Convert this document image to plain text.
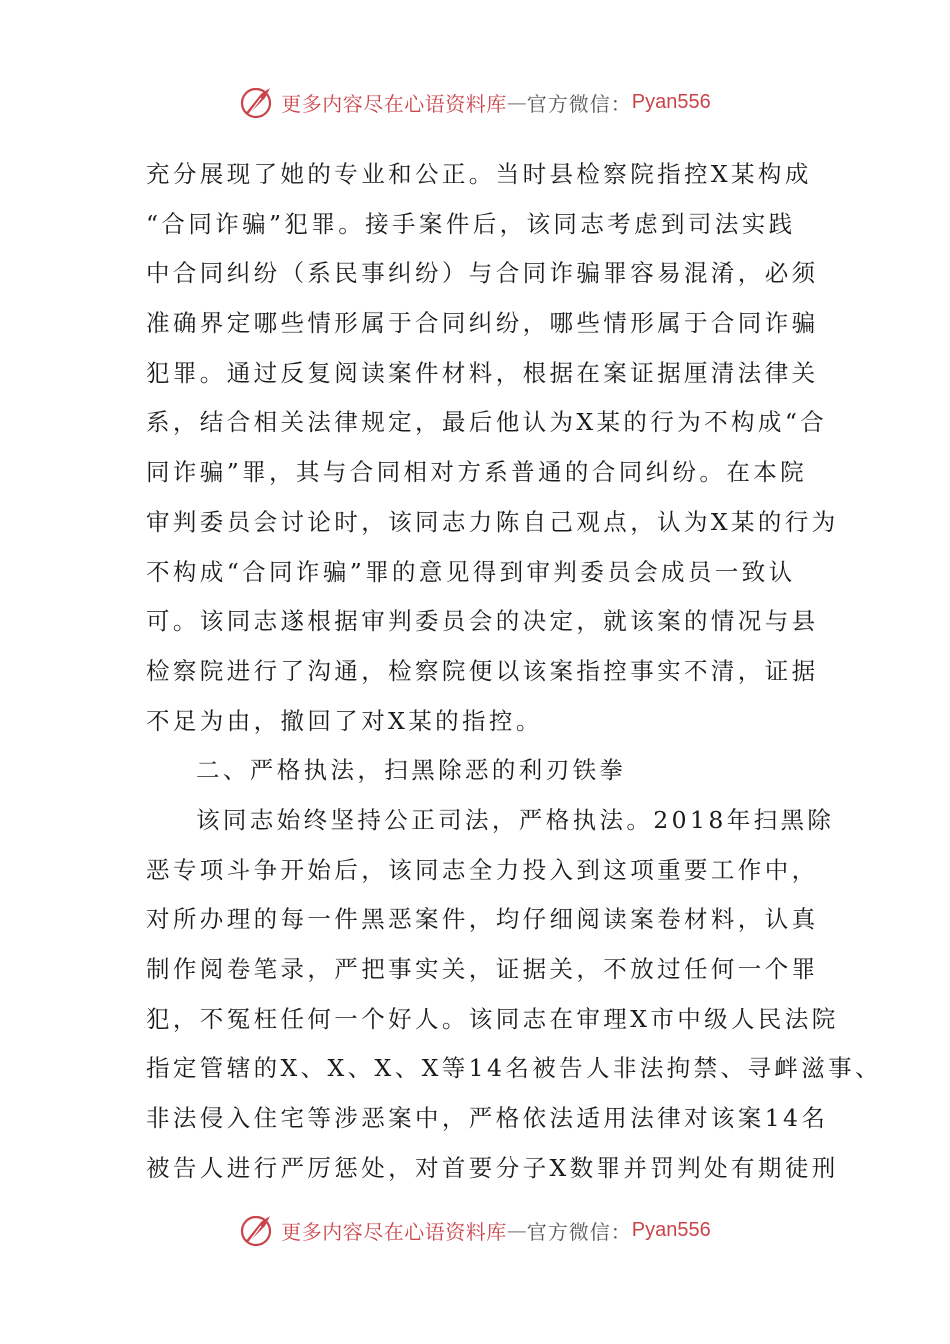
更多内容尽在心语资料库 — 官方微信： Pyan556
充分展现了她的专业和公正。当时县检察院指控X某构成
“合同诈骗”犯罪。接手案件后，该同志考虑到司法实践
中合同纠纷（系民事纠纷）与合同诈骗罪容易混淆，必须
准确界定哪些情形属于合同纠纷，哪些情形属于合同诈骗
犯罪。通过反复阅读案件材料，根据在案证据厘清法律关
系，结合相关法律规定，最后他认为X某的行为不构成“合
同诈骗”罪，其与合同相对方系普通的合同纠纷。在本院
审判委员会讨论时，该同志力陈自己观点，认为X某的行为
不构成“合同诈骗”罪的意见得到审判委员会成员一致认
可。该同志遂根据审判委员会的决定，就该案的情况与县
检察院进行了沟通，检察院便以该案指控事实不清，证据
不足为由，撤回了对X某的指控。
二、严格执法，扫黑除恶的利刃铁拳
该同志始终坚持公正司法，严格执法。2018年扫黑除
恶专项斗争开始后，该同志全力投入到这项重要工作中，
对所办理的每一件黑恶案件，均仔细阅读案卷材料，认真
制作阅卷笔录，严把事实关，证据关，不放过任何一个罪
犯，不冤枉任何一个好人。该同志在审理X市中级人民法院
指定管辖的X、X、X、X等14名被告人非法拘禁、寻衅滋事、
非法侵入住宅等涉恶案中，严格依法适用法律对该案14名
被告人进行严厉惩处，对首要分子X数罪并罚判处有期徒刑
更多内容尽在心语资料库 — 官方微信： Pyan556
